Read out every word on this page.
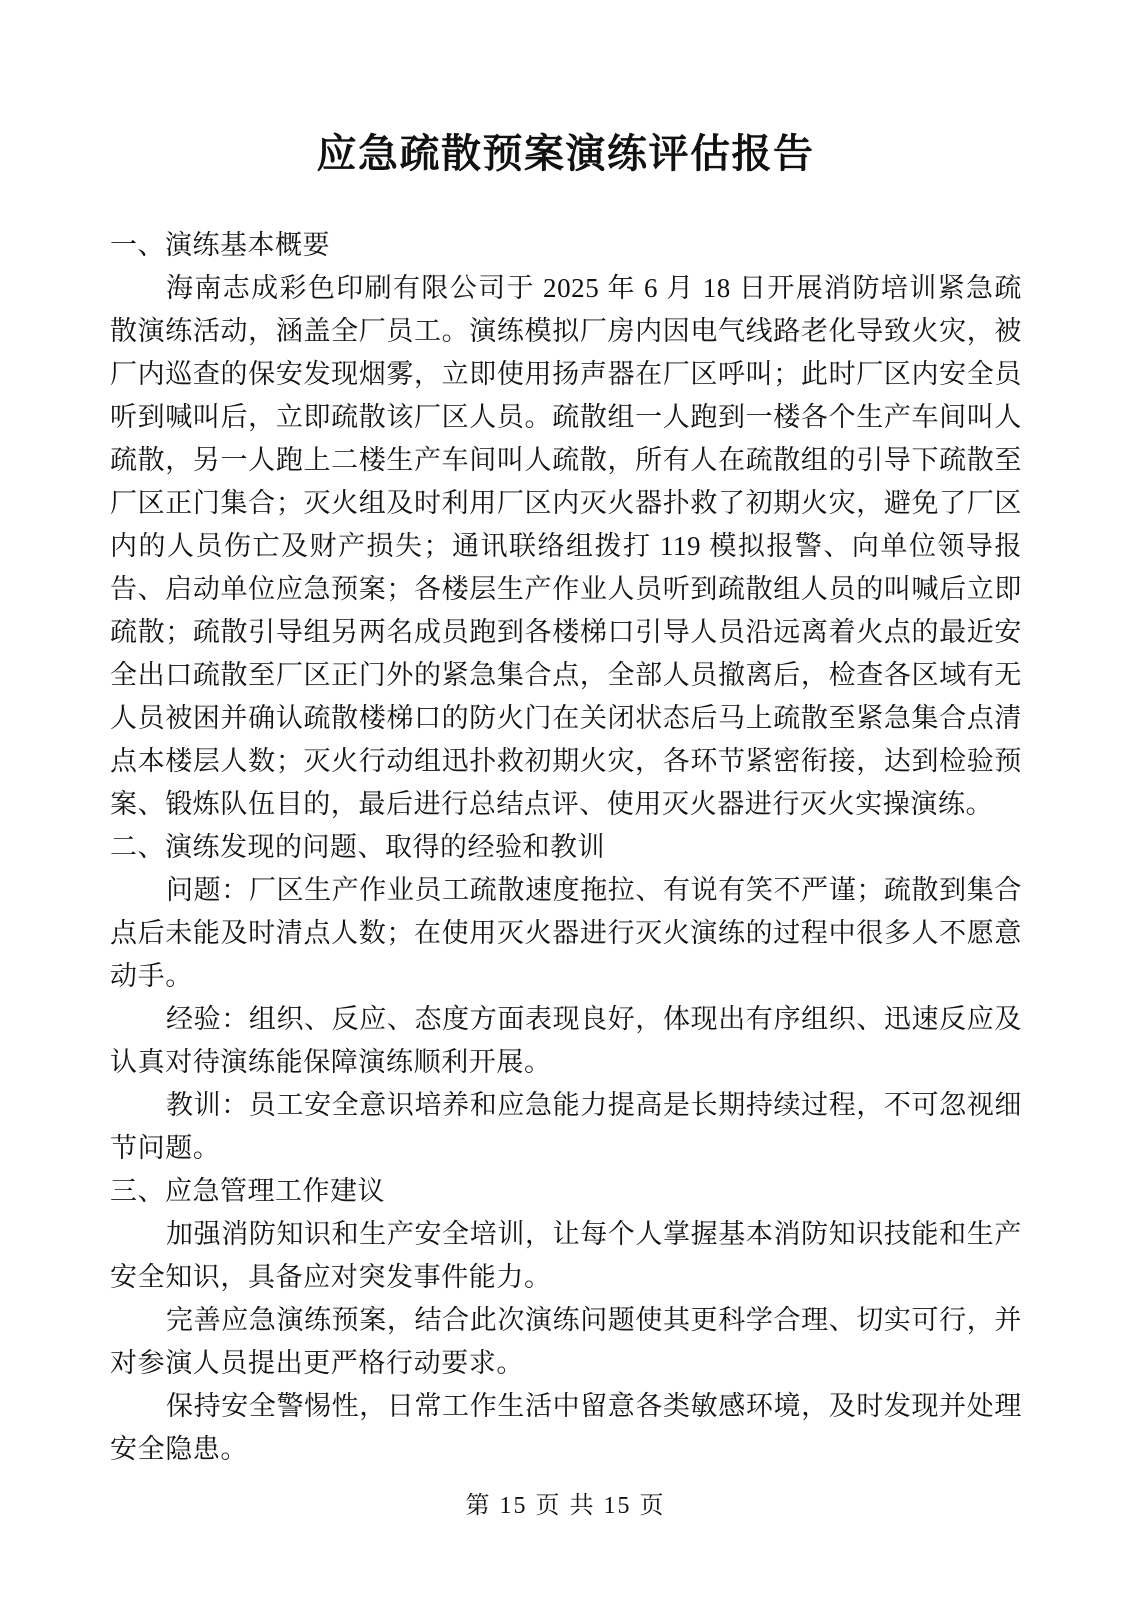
应急疏散预案演练评估报告

一、演练基本概要

海南志成彩色印刷有限公司于 2025 年 6 月 18 日开展消防培训紧急疏散演练活动，涵盖全厂员工。演练模拟厂房内因电气线路老化导致火灾，被厂内巡查的保安发现烟雾，立即使用扬声器在厂区呼叫；此时厂区内安全员听到喊叫后，立即疏散该厂区人员。疏散组一人跑到一楼各个生产车间叫人疏散，另一人跑上二楼生产车间叫人疏散，所有人在疏散组的引导下疏散至厂区正门集合；灭火组及时利用厂区内灭火器扑救了初期火灾，避免了厂区内的人员伤亡及财产损失；通讯联络组拨打 119 模拟报警、向单位领导报告、启动单位应急预案；各楼层生产作业人员听到疏散组人员的叫喊后立即疏散；疏散引导组另两名成员跑到各楼梯口引导人员沿远离着火点的最近安全出口疏散至厂区正门外的紧急集合点，全部人员撤离后，检查各区域有无人员被困并确认疏散楼梯口的防火门在关闭状态后马上疏散至紧急集合点清点本楼层人数；灭火行动组迅扑救初期火灾，各环节紧密衔接，达到检验预案、锻炼队伍目的，最后进行总结点评、使用灭火器进行灭火实操演练。

二、演练发现的问题、取得的经验和教训

问题：厂区生产作业员工疏散速度拖拉、有说有笑不严谨；疏散到集合点后未能及时清点人数；在使用灭火器进行灭火演练的过程中很多人不愿意动手。

经验：组织、反应、态度方面表现良好，体现出有序组织、迅速反应及认真对待演练能保障演练顺利开展。

教训：员工安全意识培养和应急能力提高是长期持续过程，不可忽视细节问题。

三、应急管理工作建议

加强消防知识和生产安全培训，让每个人掌握基本消防知识技能和生产安全知识，具备应对突发事件能力。

完善应急演练预案，结合此次演练问题使其更科学合理、切实可行，并对参演人员提出更严格行动要求。

保持安全警惕性，日常工作生活中留意各类敏感环境，及时发现并处理安全隐患。

第 15 页 共 15 页
